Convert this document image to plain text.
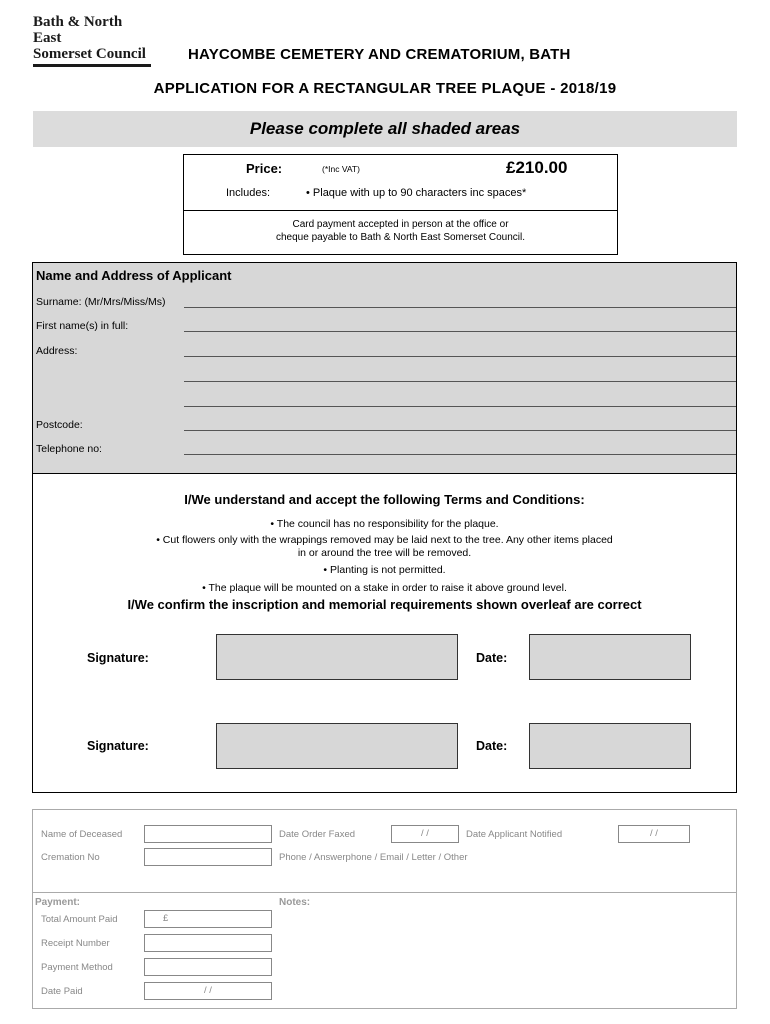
Bath & North East
Somerset Council	HAYCOMBE CEMETERY AND CREMATORIUM, BATH
APPLICATION FOR A RECTANGULAR TREE PLAQUE - 2018/19
Please complete all shaded areas
Price:	(*Inc VAT)	£210.00
Includes:	• Plaque with up to 90 characters inc spaces*
Card payment accepted in person at the office or
cheque payable to Bath & North East Somerset Council.
Name and Address of Applicant
Surname: (Mr/Mrs/Miss/Ms)
First name(s) in full:
Address:
Postcode:
Telephone no:
I/We understand and accept the following Terms and Conditions:
• The council has no responsibility for the plaque.
• Cut flowers only with the wrappings removed may be laid next to the tree. Any other items placed
in or around the tree will be removed.
• Planting is not permitted.
• The plaque will be mounted on a stake in order to raise it above ground level.
I/We confirm the inscription and memorial requirements shown overleaf are correct
Signature:	Date:
Signature:	Date:
Name of Deceased	Date Order Faxed	/ /	Date Applicant Notified	/ /
Cremation No	Phone / Answerphone / Email / Letter / Other
Payment:	Notes:
Total Amount Paid	£
Receipt Number
Payment Method
Date Paid	/ /
